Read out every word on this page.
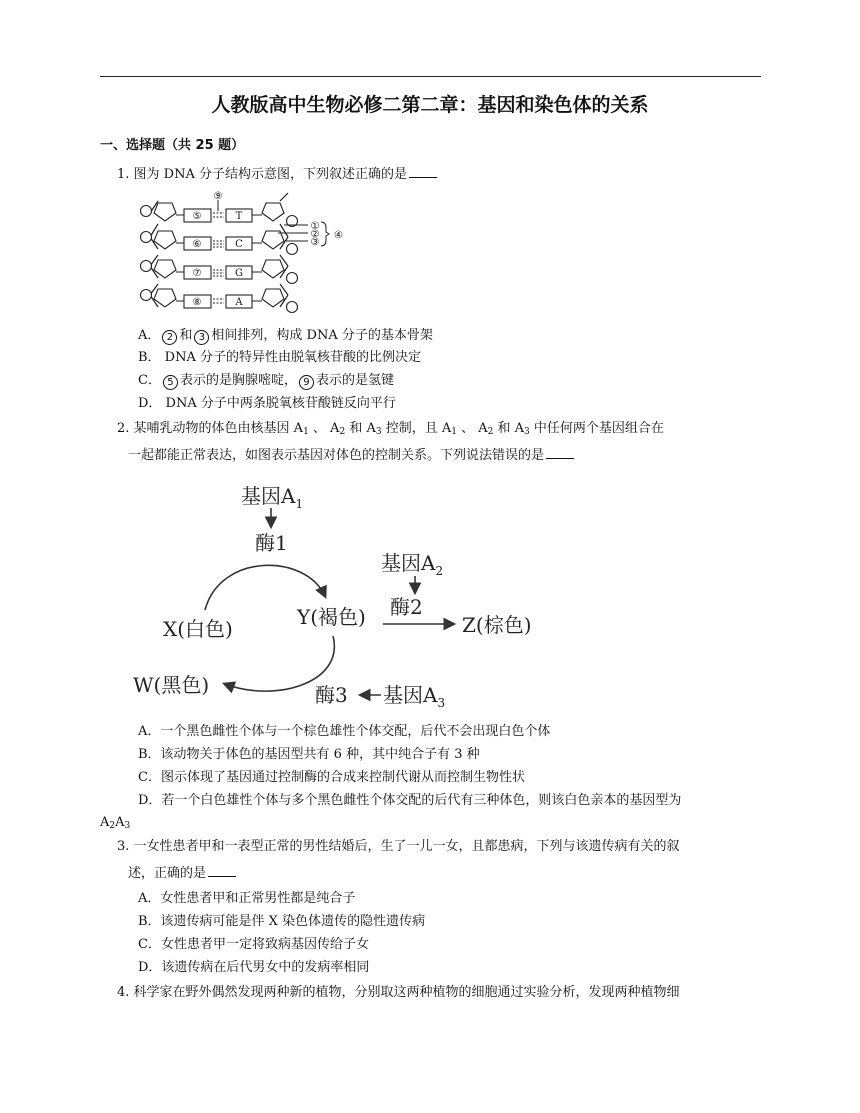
人教版高中生物必修二第二章：基因和染色体的关系
一、选择题（共 25 题）
1. 图为 DNA 分子结构示意图，下列叙述正确的是
⑤
⑥
⑦
⑧
⑨
T
C
G
A
①
②
③
④
A． 2 和 3 相间排列，构成 DNA 分子的基本骨架
B． DNA 分子的特异性由脱氧核苷酸的比例决定
C． 5 表示的是胸腺嘧啶， 9 表示的是氢键
D． DNA 分子中两条脱氧核苷酸链反向平行
2. 某哺乳动物的体色由核基因 $A_1$ 、 $A_2$ 和 $A_3$ 控制，且 $A_1$ 、 $A_2$ 和 $A_3$ 中任何两个基因组合在
一起都能正常表达，如图表示基因对体色的控制关系。下列说法错误的是
基因$A_1$
酶1
基因$A_2$
酶2
X(白色)	Y(褐色)	Z(棕色)
W(黑色)	酶3 基因$A_3$
A．一个黑色雌性个体与一个棕色雄性个体交配，后代不会出现白色个体
B．该动物关于体色的基因型共有 6 种，其中纯合子有 3 种
C．图示体现了基因通过控制酶的合成来控制代谢从而控制生物性状
D．若一个白色雄性个体与多个黑色雌性个体交配的后代有三种体色，则该白色亲本的基因型为
$A_2A_3$
3. 一女性患者甲和一表型正常的男性结婚后，生了一儿一女，且都患病，下列与该遗传病有关的叙
述，正确的是
A．女性患者甲和正常男性都是纯合子
B．该遗传病可能是伴 X 染色体遗传的隐性遗传病
C．女性患者甲一定将致病基因传给子女
D．该遗传病在后代男女中的发病率相同
4. 科学家在野外偶然发现两种新的植物，分别取这两种植物的细胞通过实验分析，发现两种植物细
